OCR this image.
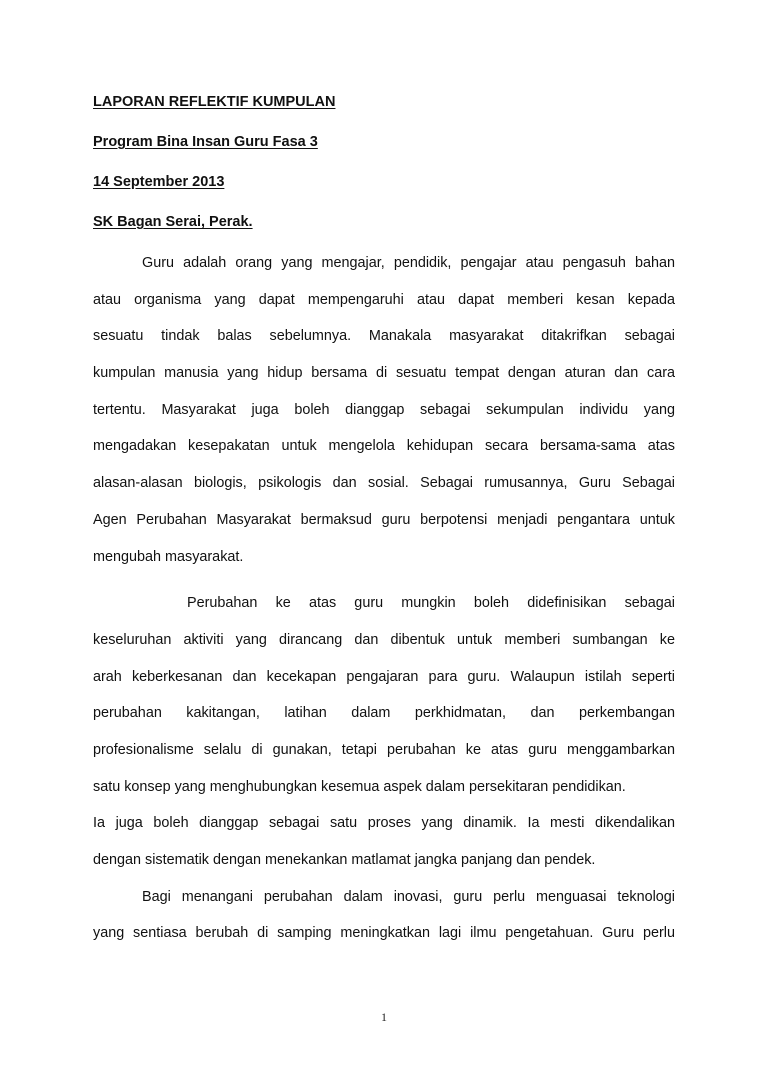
LAPORAN REFLEKTIF KUMPULAN

Program Bina Insan Guru Fasa 3

14 September 2013

SK Bagan Serai, Perak.

Guru adalah orang yang mengajar, pendidik, pengajar atau pengasuh bahan
atau organisma yang dapat mempengaruhi atau dapat memberi kesan kepada
sesuatu tindak balas sebelumnya. Manakala masyarakat ditakrifkan sebagai
kumpulan manusia yang hidup bersama di sesuatu tempat dengan aturan dan cara
tertentu. Masyarakat juga boleh dianggap sebagai sekumpulan individu yang
mengadakan kesepakatan untuk mengelola kehidupan secara bersama-sama atas
alasan-alasan biologis, psikologis dan sosial. Sebagai rumusannya, Guru Sebagai
Agen Perubahan Masyarakat bermaksud guru berpotensi menjadi pengantara untuk
mengubah masyarakat.
Perubahan ke atas guru mungkin boleh didefinisikan sebagai
keseluruhan aktiviti yang dirancang dan dibentuk untuk memberi sumbangan ke
arah keberkesanan dan kecekapan pengajaran para guru. Walaupun istilah seperti
perubahan kakitangan, latihan dalam perkhidmatan, dan perkembangan
profesionalisme selalu di gunakan, tetapi perubahan ke atas guru menggambarkan
satu konsep yang menghubungkan kesemua aspek dalam persekitaran pendidikan.
Ia juga boleh dianggap sebagai satu proses yang dinamik. Ia mesti dikendalikan
dengan sistematik dengan menekankan matlamat jangka panjang dan pendek.
Bagi menangani perubahan dalam inovasi, guru perlu menguasai teknologi
yang sentiasa berubah di samping meningkatkan lagi ilmu pengetahuan. Guru perlu
1
